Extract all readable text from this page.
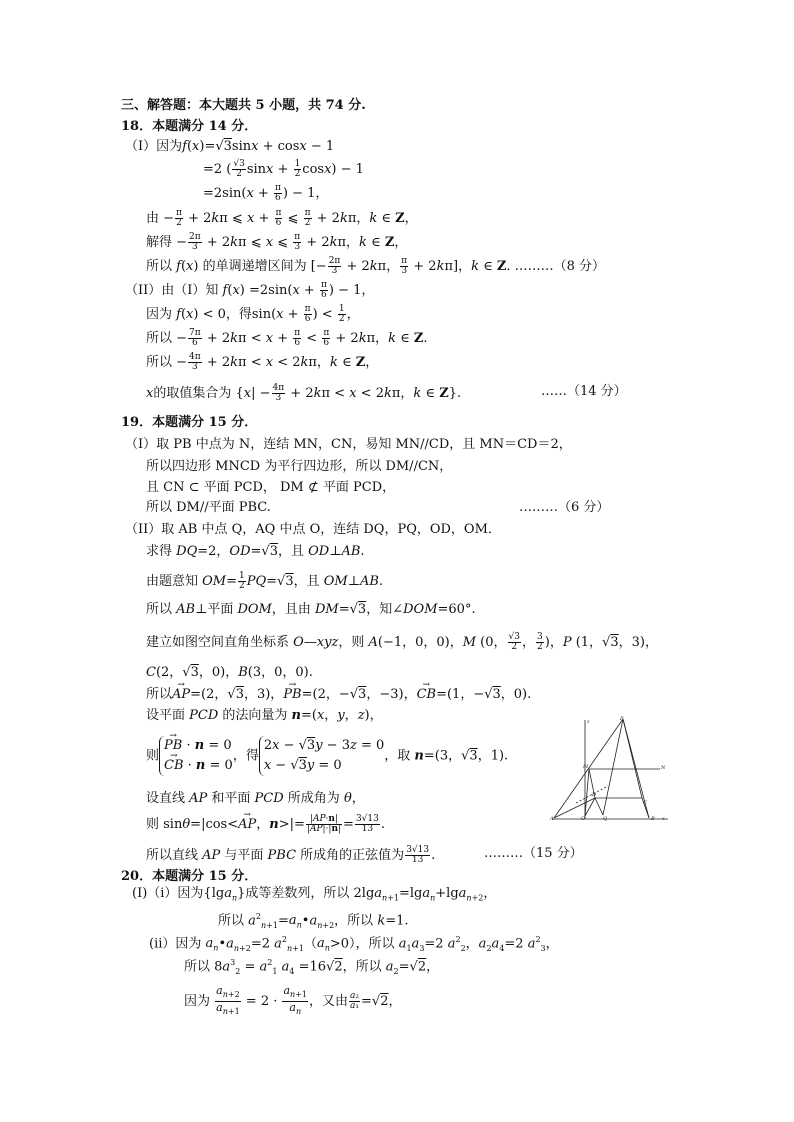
三、解答题：本大题共 5 小题，共 74 分.
18．本题满分 14 分．
（I）因为f(x)=√3sinx + cosx − 1
=2 ( $\frac{√3}{2}$ $\sin x + \frac{1}{2} \cos x) - 1$
$=2\sin(x + \frac{\pi}{6}$ ) − 1，
由 − $\frac{\pi}{2} + 2k\pi$ ⩽ $x + \frac{\pi}{6}$ ⩽ $\frac{\pi}{2} + 2k\pi$，k ∈ Z，
解得 − $\frac{2\pi}{3} + 2k\pi$ ⩽ x ⩽ $\frac{\pi}{3} + 2k\pi$，k ∈ Z，
所以 f(x) 的单调递增区间为 [− $\frac{2\pi}{3} + 2k\pi$， $\frac{\pi}{3} + 2k\pi$]，k ∈ Z. ………（8 分）
（II）由（I）知 $f(x) =2\sin(x + \frac{\pi}{6}$ ) − 1，
因为 f(x) < 0，得$\sin(x + \frac{\pi}{6}$ ) < $\frac{1}{2}$ ，
所以 − $\frac{7\pi}{6} + 2k\pi < x + \frac{\pi}{6} < \frac{\pi}{6} + 2k\pi$，k ∈ Z.
所以 − $\frac{4\pi}{3} + 2k\pi < x < 2k\pi$，k ∈ Z，
x的取值集合为 {$x| - \frac{4\pi}{3} + 2k\pi < x < 2k\pi$，k ∈ Z}.	……（14 分）
19．本题满分 15 分．
（I）取 PB 中点为 N，连结 MN，CN，易知 MN//CD，且 MN＝CD＝2，
所以四边形 MNCD 为平行四边形，所以 DM//CN，
且 CN ⊂ 平面 PCD， DM ⊄ 平面 PCD，
所以 DM//平面 PBC.	………（6 分）
（II）取 AB 中点 Q，AQ 中点 O，连结 DQ，PQ，OD，OM．
求得 DQ=2，OD=√3，且 OD⊥AB.
由题意知 $OM= \frac{1}{2} PQ=√3$，且 OM⊥AB.
所以 AB⊥平面 DOM，且由 DM=√3，知∠DOM=60°.
建立如图空间直角坐标系 O—xyz，则 A(−1，0，0)，M (0， $\frac{√3}{2}$ ， $\frac{3}{2}$ )，P (1，√3，3)，
C(2，√3，0)，B(3，0，0).
所以→ AP=(2，√3，3)，→ PB=(2，−√3，−3)，→ CB=(1，−√3，0).
设平面 PCD 的法向量为 n=(x，y，z)，
则→ PB · n = 0
→ CB · n = 0，得2x − √3y − 3z = 0
x − √3y = 0，取 n=(3，√3，1).
设直线 AP 和平面 PCD 所成角为 θ，
则 sinθ=|cos<→ AP，$n>|= \frac{|AP\cdot n|}{|AP|\cdot|n|} = \frac{3√13}{13}$ .
所以直线 AP 与平面 PBC 所成角的正弦值为 $\frac{3√13}{13}$ .	………（15 分）
20．本题满分 15 分．
(I)（ⅰ）因为{lga$_n$}成等差数列，所以 2lga$_{n+1}$=lga$_n$+lga$_{n+2}$，
所以 $a^2_{n+1}=a_n•a_{n+2}$，所以 k=1.
(ⅱ）因为 $a_n•a_{n+2}=2$ $a^2_{n+1}(a_n>0)$，所以 $a_1a_3=2$ $a^2_2$，$a_2a_4=2$ $a^2_3$，
所以 $8a^3_2 = a^2_1$ $a_4 =16√2$，所以 $a_2=√2$，
因为 $\frac{a_{n+2}}{a_{n+1}} = 2 \cdot \frac{a_{n+1}}{a_n}$ ，又由 $\frac{\text{a₂}}{\text{a₁}} =√2$，
z	P
M	N
D
C
A	O	Q	B x
